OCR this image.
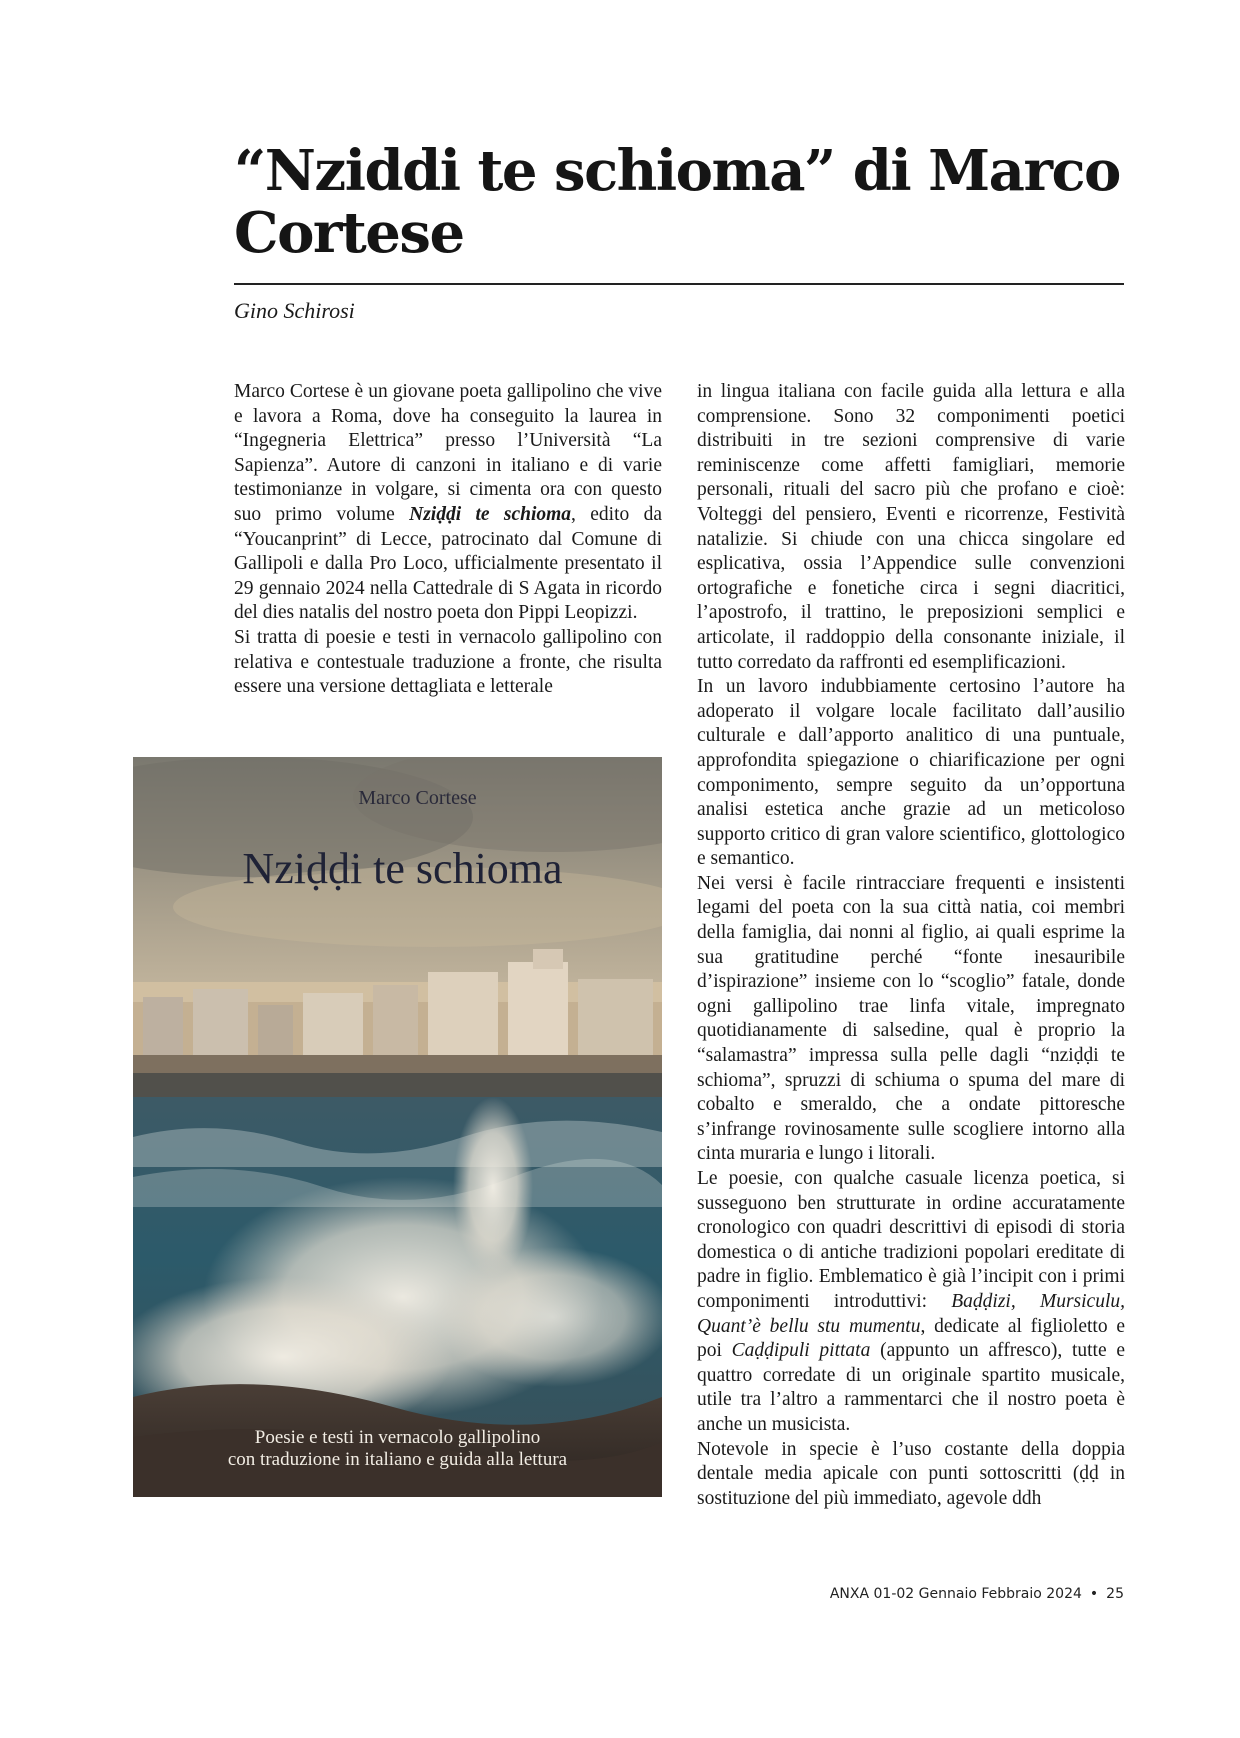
“Nziddi te schioma” di Marco Cortese

Gino Schirosi

Marco Cortese è un giovane poeta gallipolino che vive e lavora a Roma, dove ha conseguito la laurea in “Ingegneria Elettrica” presso l’Università “La Sapienza”. Autore di canzoni in italiano e di varie testimonianze in volgare, si cimenta ora con questo suo primo volume Nziḍḍi te schioma, edito da “Youcanprint” di Lecce, patrocinato dal Comune di Gallipoli e dalla Pro Loco, ufficialmente presentato il 29 gennaio 2024 nella Cattedrale di S Agata in ricordo del dies natalis del nostro poeta don Pippi Leopizzi.

Si tratta di poesie e testi in vernacolo gallipolino con relativa e contestuale traduzione a fronte, che risulta essere una versione dettagliata e letterale

Marco Cortese
Nziḍḍi te schioma
Poesie e testi in vernacolo gallipolino
con traduzione in italiano e guida alla lettura

in lingua italiana con facile guida alla lettura e alla comprensione. Sono 32 componimenti poetici distribuiti in tre sezioni comprensive di varie reminiscenze come affetti famigliari, memorie personali, rituali del sacro più che profano e cioè: Volteggi del pensiero, Eventi e ricorrenze, Festività natalizie. Si chiude con una chicca singolare ed esplicativa, ossia l’Appendice sulle convenzioni ortografiche e fonetiche circa i segni diacritici, l’apostrofo, il trattino, le preposizioni semplici e articolate, il raddoppio della consonante iniziale, il tutto corredato da raffronti ed esemplificazioni.

In un lavoro indubbiamente certosino l’autore ha adoperato il volgare locale facilitato dall’ausilio culturale e dall’apporto analitico di una puntuale, approfondita spiegazione o chiarificazione per ogni componimento, sempre seguito da un’opportuna analisi estetica anche grazie ad un meticoloso supporto critico di gran valore scientifico, glottologico e semantico.

Nei versi è facile rintracciare frequenti e insistenti legami del poeta con la sua città natia, coi membri della famiglia, dai nonni al figlio, ai quali esprime la sua gratitudine perché “fonte inesauribile d’ispirazione” insieme con lo “scoglio” fatale, donde ogni gallipolino trae linfa vitale, impregnato quotidianamente di salsedine, qual è proprio la “salamastra” impressa sulla pelle dagli “nziḍḍi te schioma”, spruzzi di schiuma o spuma del mare di cobalto e smeraldo, che a ondate pittoresche s’infrange rovinosamente sulle scogliere intorno alla cinta muraria e lungo i litorali.

Le poesie, con qualche casuale licenza poetica, si susseguono ben strutturate in ordine accuratamente cronologico con quadri descrittivi di episodi di storia domestica o di antiche tradizioni popolari ereditate di padre in figlio. Emblematico è già l’incipit con i primi componimenti introduttivi: Baḍḍizi, Mursiculu, Quant’è bellu stu mumentu, dedicate al figlioletto e poi Caḍḍipuli pittata (appunto un affresco), tutte e quattro corredate di un originale spartito musicale, utile tra l’altro a rammentarci che il nostro poeta è anche un musicista.

Notevole in specie è l’uso costante della doppia dentale media apicale con punti sottoscritti (ḍḍ in sostituzione del più immediato, agevole ddh

ANXA 01-02 Gennaio Febbraio 2024 • 25
